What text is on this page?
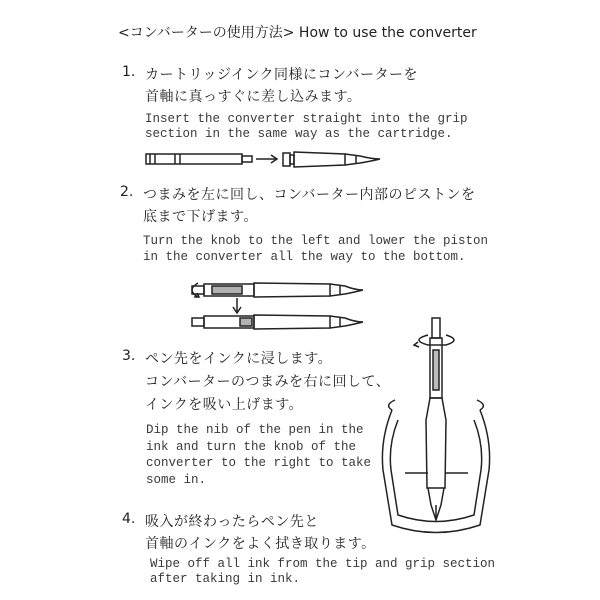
<コンバーターの使用方法> How to use the converter
1. カートリッジインク同様にコンバーターを
首軸に真っすぐに差し込みます。
Insert the converter straight into the grip
section in the same way as the cartridge.
2. つまみを左に回し、コンバーター内部のピストンを
底まで下げます。
Turn the knob to the left and lower the piston
in the converter all the way to the bottom.
3. ペン先をインクに浸します。
コンバーターのつまみを右に回して、
インクを吸い上げます。
Dip the nib of the pen in the
ink and turn the knob of the
converter to the right to take
some in.
4. 吸入が終わったらペン先と
首軸のインクをよく拭き取ります。
Wipe off all ink from the tip and grip section
after taking in ink.
